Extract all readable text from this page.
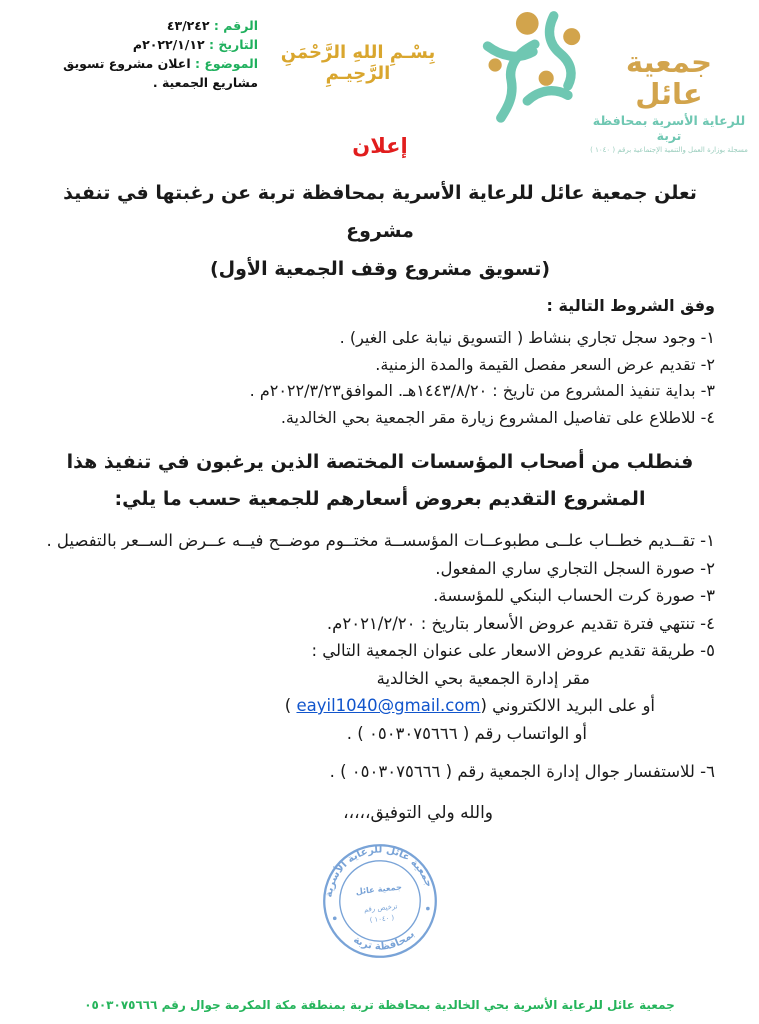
الرقم : ٤٣/٢٤٢
التاريخ : ٢٠٢٢/١/١٢م
الموضوع : اعلان مشروع تسويق مشاريع الجمعية .
بِسْـمِ اللهِ الرَّحْمَنِ الرَّحِيـمِ	جمعية عائل
للرعاية الأسرية بمحافظة تربة
مسجلة بوزارة العمل والتنمية الإجتماعية برقم ( ١٠٤٠ )
إعلان

تعلن جمعية عائل للرعاية الأسرية بمحافظة تربة عن رغبتها في تنفيذ مشروع
(تسويق مشروع وقف الجمعية الأول)

وفق الشروط التالية :

١- وجود سجل تجاري بنشاط ( التسويق نيابة على الغير) .
٢- تقديم عرض السعر مفصل القيمة والمدة الزمنية.
٣- بداية تنفيذ المشروع من تاريخ : ١٤٤٣/٨/٢٠هـ. الموافق٢٠٢٢/٣/٢٣م .
٤- للاطلاع على تفاصيل المشروع زيارة مقر الجمعية بحي الخالدية.

فنطلب من أصحاب المؤسسات المختصة الذين يرغبون في تنفيذ هذا
المشروع التقديم بعروض أسعارهم للجمعية حسب ما يلي:

١- تقــديم خطــاب علــى مطبوعــات المؤسســة مختــوم موضــح فيــه عــرض الســعر بالتفصيل .
٢- صورة السجل التجاري ساري المفعول.
٣- صورة كرت الحساب البنكي للمؤسسة.
٤- تنتهي فترة تقديم عروض الأسعار بتاريخ : ٢٠٢١/٢/٢٠م.
٥- طريقة تقديم عروض الاسعار على عنوان الجمعية التالي :
مقر إدارة الجمعية بحي الخالدية
أو على البريد الالكتروني (eayil1040@gmail.com )
أو الواتساب رقم ( ٠٥٠٣٠٧٥٦٦٦ ) .
٦- للاستفسار جوال إدارة الجمعية رقم ( ٠٥٠٣٠٧٥٦٦٦ ) .
والله ولي التوفيق،،،،،
جمعية عائل للرعاية الأسرية
بمحافظة تربة
جمعية عائل
ترخيص رقم
( ١٠٤٠ )
جمعية عائل للرعاية الأسرية بحي الخالدية بمحافظة تربة بمنطقة مكة المكرمة جوال رقم ٠٥٠٣٠٧٥٦٦٦
